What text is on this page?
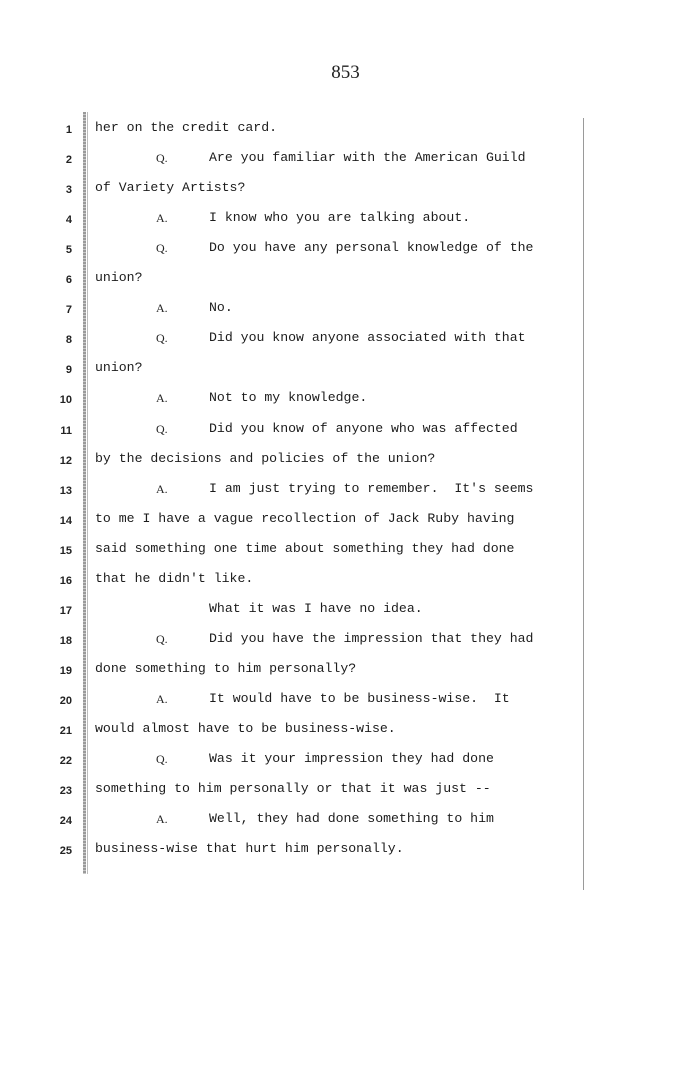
853
1 her on the credit card.
2	Q.	Are you familiar with the American Guild
3 of Variety Artists?
4	A.	I know who you are talking about.
5	Q.	Do you have any personal knowledge of the
6 union?
7	A.	No.
8	Q.	Did you know anyone associated with that
9 union?
10	A.	Not to my knowledge.
11	Q.	Did you know of anyone who was affected
12 by the decisions and policies of the union?
13	A.	I am just trying to remember.  It's seems
14 to me I have a vague recollection of Jack Ruby having
15 said something one time about something they had done
16 that he didn't like.
17	What it was I have no idea.
18	Q.	Did you have the impression that they had
19 done something to him personally?
20	A.	It would have to be business-wise.  It
21 would almost have to be business-wise.
22	Q.	Was it your impression they had done
23 something to him personally or that it was just --
24	A.	Well, they had done something to him
25 business-wise that hurt him personally.
